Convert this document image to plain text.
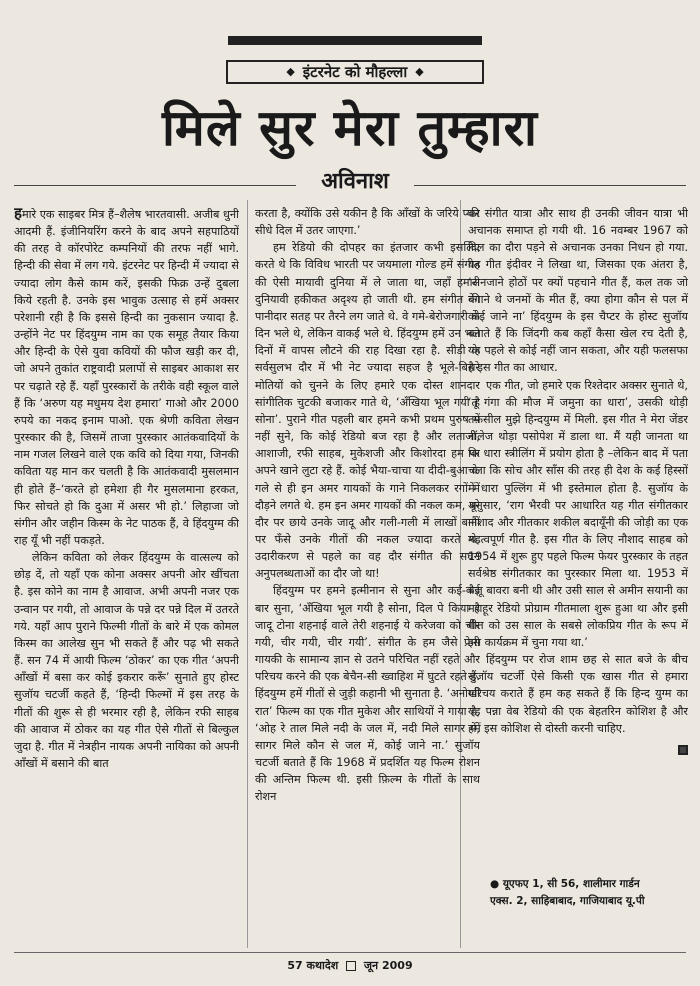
◆ इंटरनेट को मौहल्ला ◆
मिले सुर मेरा तुम्हारा
अविनाश

हमारे एक साइबर मित्र हैं–शैलेष भारतवासी. अजीब धुनी आदमी हैं. इंजीनियरिंग करने के बाद अपने सहपाठियों की तरह वे कॉरपोरेट कम्पनियों की तरफ नहीं भागे. हिन्दी की सेवा में लग गये. इंटरनेट पर हिन्दी में ज्यादा से ज्यादा लोग कैसे काम करें, इसकी फिक्र उन्हें दुबला किये रहती है. उनके इस भावुक उत्साह से हमें अक्सर परेशानी रही है कि इससे हिन्दी का नुकसान ज्यादा है. उन्होंने नेट पर हिंदयुग्म नाम का एक समूह तैयार किया और हिन्दी के ऐसे युवा कवियों की फौज खड़ी कर दी, जो अपने तुकांत राष्ट्रवादी प्रलापों से साइबर आकाश सर पर चढ़ाते रहे हैं. यहाँ पुरस्कारों के तरीके वही स्कूल वाले हैं कि ‘अरुण यह मधुमय देश हमारा’ गाओ और 2000 रुपये का नकद इनाम पाओ. एक श्रेणी कविता लेखन पुरस्कार की है, जिसमें ताजा पुरस्कार आतंकवादियों के नाम गजल लिखने वाले एक कवि को दिया गया, जिनकी कविता यह मान कर चलती है कि आतंकवादी मुसलमान ही होते हैं–‘करते हो हमेशा ही गैर मुसलमाना हरकत, फिर सोचते हो कि दुआ में असर भी हो.’ लिहाजा जो संगीन और जहीन किस्म के नेट पाठक हैं, वे हिंदयुग्म की राह यूँ भी नहीं पकड़ते.

लेकिन कविता को लेकर हिंदयुग्म के वात्सल्य को छोड़ दें, तो यहाँ एक कोना अक्सर अपनी ओर खींचता है. इस कोने का नाम है आवाज. अभी अपनी नजर एक उन्वान पर गयी, तो आवाज के पन्ने दर पन्ने दिल में उतरते गये. यहाँ आप पुराने फिल्मी गीतों के बारे में एक कोमल किस्म का आलेख सुन भी सकते हैं और पढ़ भी सकते हैं. सन 74 में आयी फिल्म ‘ठोकर’ का एक गीत ‘अपनी आँखों में बसा कर कोई इकरार करूँ’ सुनाते हुए होस्ट सुजॉय चटर्जी कहते हैं, ‘हिन्दी फिल्मों में इस तरह के गीतों की शुरू से ही भरमार रही है, लेकिन रफी साहब की आवाज में ठोकर का यह गीत ऐसे गीतों से बिल्कुल जुदा है. गीत में नेत्रहीन नायक अपनी नायिका को अपनी आँखों में बसाने की बात

करता है, क्योंकि उसे यकीन है कि आँखों के जरिये प्यार सीधे दिल में उतर जाएगा.’

हम रेडियो की दोपहर का इंतजार कभी इसलिए करते थे कि विविध भारती पर जयमाला गोल्ड हमें संगीत की ऐसी मायावी दुनिया में ले जाता था, जहाँ हमारी दुनियावी हकीकत अदृश्य हो जाती थी. हम संगीत की पानीदार सतह पर तैरने लग जाते थे. वे गमे-बेरोजगारी के दिन भले थे, लेकिन वाकई भले थे. हिंदयुग्म हमें उन भले दिनों में वापस लौटने की राह दिखा रहा है. सीडी के सर्वसुलभ दौर में भी नेट ज्यादा सहज है भूले-बिसरे मोतियों को चुनने के लिए हमारे एक दोस्त शानदार सांगीतिक चुटकी बजाकर गाते थे, ‘अँखिया भूल गयी है सोना’. पुराने गीत पहली बार हमने कभी प्रथम पुरुष में नहीं सुने, कि कोई रेडियो बज रहा है और लताजी, आशाजी, रफी साहब, मुकेशजी और किशोरदा हम पर अपने खाने लुटा रहे हैं. कोई भैया-चाचा या दीदी-बुआ के गले से ही इन अमर गायकों के गाने निकलकर रगों में दौड़ने लगते थे. हम इन अमर गायकों की नकल कम, पूरे दौर पर छाये उनके जादू और गली-गली में लाखों बानों पर फँसे उनके गीतों की नकल ज्यादा करते थे. उदारीकरण से पहले का वह दौर संगीत की सघन अनुपलब्धताओं का दौर जो था!

हिंदयुग्म पर हमने इत्मीनान से सुना और कई-कई बार सुना, ‘अँखिया भूल गयी है सोना, दिल पे किया है जादू टोना शहनाई वाले तेरी शहनाई ये करेजवा को चीर गयी, चीर गयी, चीर गयी’. संगीत के हम जैसे प्रेमी गायकी के सामान्य ज्ञान से उतने परिचित नहीं रहते और परिचय करने की एक बेचैन-सी ख्वाहिश में घुटते रहते हैं. हिंदयुग्म हमें गीतों से जुड़ी कहानी भी सुनाता है. ‘अनोखी रात’ फिल्म का एक गीत मुकेश और साथियों ने गाया है, ‘ओह रे ताल मिले नदी के जल में, नदी मिले सागर में, सागर मिले कौन से जल में, कोई जाने ना.’ सुजॉय चटर्जी बताते हैं कि 1968 में प्रदर्शित यह फिल्म रोशन की अन्तिम फिल्म थी. इसी फ़िल्म के गीतों के साथ रोशन

की संगीत यात्रा और साथ ही उनकी जीवन यात्रा भी अचानक समाप्त हो गयी थी. 16 नवम्बर 1967 को दिल का दौरा पड़ने से अचानक उनका निधन हो गया. यह गीत इंदीवर ने लिखा था, जिसका एक अंतरा है, ‘अनजाने होठों पर क्यों पहचाने गीत हैं, कल तक जो बेगाने थे जनमों के मीत हैं, क्या होगा कौन से पल में कोई जाने ना’ हिंदयुग्म के इस चैप्टर के होस्ट सुजॉय बताते हैं कि जिंदगी कब कहाँ कैसा खेल रच देती है, यह पहले से कोई नहीं जान सकता, और यही फलसफा है इस गीत का आधार.

एक गीत, जो हमारे एक रिश्तेदार अक्सर सुनाते थे, ‘तू गंगा की मौज में जमुना का धारा’, उसकी थोड़ी तफ़सील मुझे हिन्दयुग्म में मिली. इस गीत ने मेरा जेंडर नॉलेज थोड़ा पसोपेश में डाला था. मैं यही जानता था कि धारा स्त्रीलिंग में प्रयोग होता है –लेकिन बाद में पता चला कि सोच और साँस की तरह ही देश के कई हिस्सों में धारा पुल्लिंग में भी इस्तेमाल होता है. सुजॉय के अनुसार, ‘राग भैरवी पर आधारित यह गीत संगीतकार नौशाद और गीतकार शकील बदायूँनी की जोड़ी का एक महत्वपूर्ण गीत है. इस गीत के लिए नौशाद साहब को 1954 में शुरू हुए पहले फिल्म फेयर पुरस्कार के तहत सर्वश्रेष्ठ संगीतकार का पुरस्कार मिला था. 1953 में बैजू बावरा बनी थी और उसी साल से अमीन सयानी का मशहूर रेडियो प्रोग्राम गीतमाला शुरू हुआ था और इसी गीत को उस साल के सबसे लोकप्रिय गीत के रूप में इस कार्यक्रम में चुना गया था.’

हिंदयुग्म पर रोज शाम छह से सात बजे के बीच सुजॉय चटर्जी ऐसे किसी एक खास गीत से हमारा परिचय कराते हैं हम कह सकते हैं कि हिन्द युग्म का यह पन्ना वेब रेडियो की एक बेहतरिन कोशिश है और हमें इस कोशिश से दोस्ती करनी चाहिए.

● यूएफए 1, सी 56, शालीमार गार्डन
एक्स. 2, साहिबाबाद, गाजियाबाद यू.पी
57 कथादेश जून 2009
